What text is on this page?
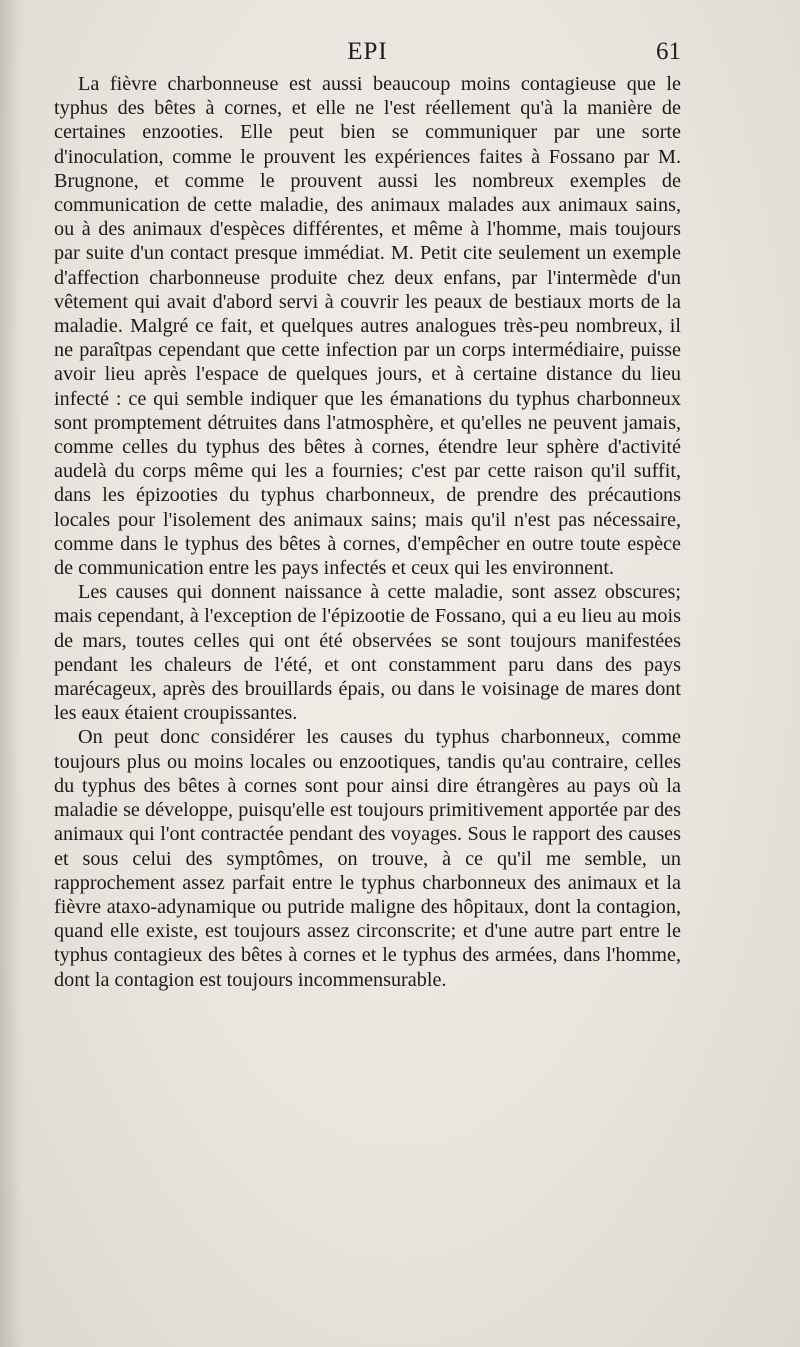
EPI	61

La fièvre charbonneuse est aussi beaucoup moins contagieuse que le typhus des bêtes à cornes, et elle ne l'est réellement qu'à la manière de certaines enzooties. Elle peut bien se communiquer par une sorte d'inoculation, comme le prouvent les expériences faites à Fossano par M. Brugnone, et comme le prouvent aussi les nombreux exemples de communication de cette maladie, des animaux malades aux animaux sains, ou à des animaux d'espèces différentes, et même à l'homme, mais toujours par suite d'un contact presque immédiat. M. Petit cite seulement un exemple d'affection charbonneuse produite chez deux enfans, par l'intermède d'un vêtement qui avait d'abord servi à couvrir les peaux de bestiaux morts de la maladie. Malgré ce fait, et quelques autres analogues très-peu nombreux, il ne paraîtpas cependant que cette infection par un corps intermédiaire, puisse avoir lieu après l'espace de quelques jours, et à certaine distance du lieu infecté : ce qui semble indiquer que les émanations du typhus charbonneux sont promptement détruites dans l'atmosphère, et qu'elles ne peuvent jamais, comme celles du typhus des bêtes à cornes, étendre leur sphère d'activité audelà du corps même qui les a fournies; c'est par cette raison qu'il suffit, dans les épizooties du typhus charbonneux, de prendre des précautions locales pour l'isolement des animaux sains; mais qu'il n'est pas nécessaire, comme dans le typhus des bêtes à cornes, d'empêcher en outre toute espèce de communication entre les pays infectés et ceux qui les environnent.

Les causes qui donnent naissance à cette maladie, sont assez obscures; mais cependant, à l'exception de l'épizootie de Fossano, qui a eu lieu au mois de mars, toutes celles qui ont été observées se sont toujours manifestées pendant les chaleurs de l'été, et ont constamment paru dans des pays marécageux, après des brouillards épais, ou dans le voisinage de mares dont les eaux étaient croupissantes.

On peut donc considérer les causes du typhus charbonneux, comme toujours plus ou moins locales ou enzootiques, tandis qu'au contraire, celles du typhus des bêtes à cornes sont pour ainsi dire étrangères au pays où la maladie se développe, puisqu'elle est toujours primitivement apportée par des animaux qui l'ont contractée pendant des voyages. Sous le rapport des causes et sous celui des symptômes, on trouve, à ce qu'il me semble, un rapprochement assez parfait entre le typhus charbonneux des animaux et la fièvre ataxo-adynamique ou putride maligne des hôpitaux, dont la contagion, quand elle existe, est toujours assez circonscrite; et d'une autre part entre le typhus contagieux des bêtes à cornes et le typhus des armées, dans l'homme, dont la contagion est toujours incommensurable.
